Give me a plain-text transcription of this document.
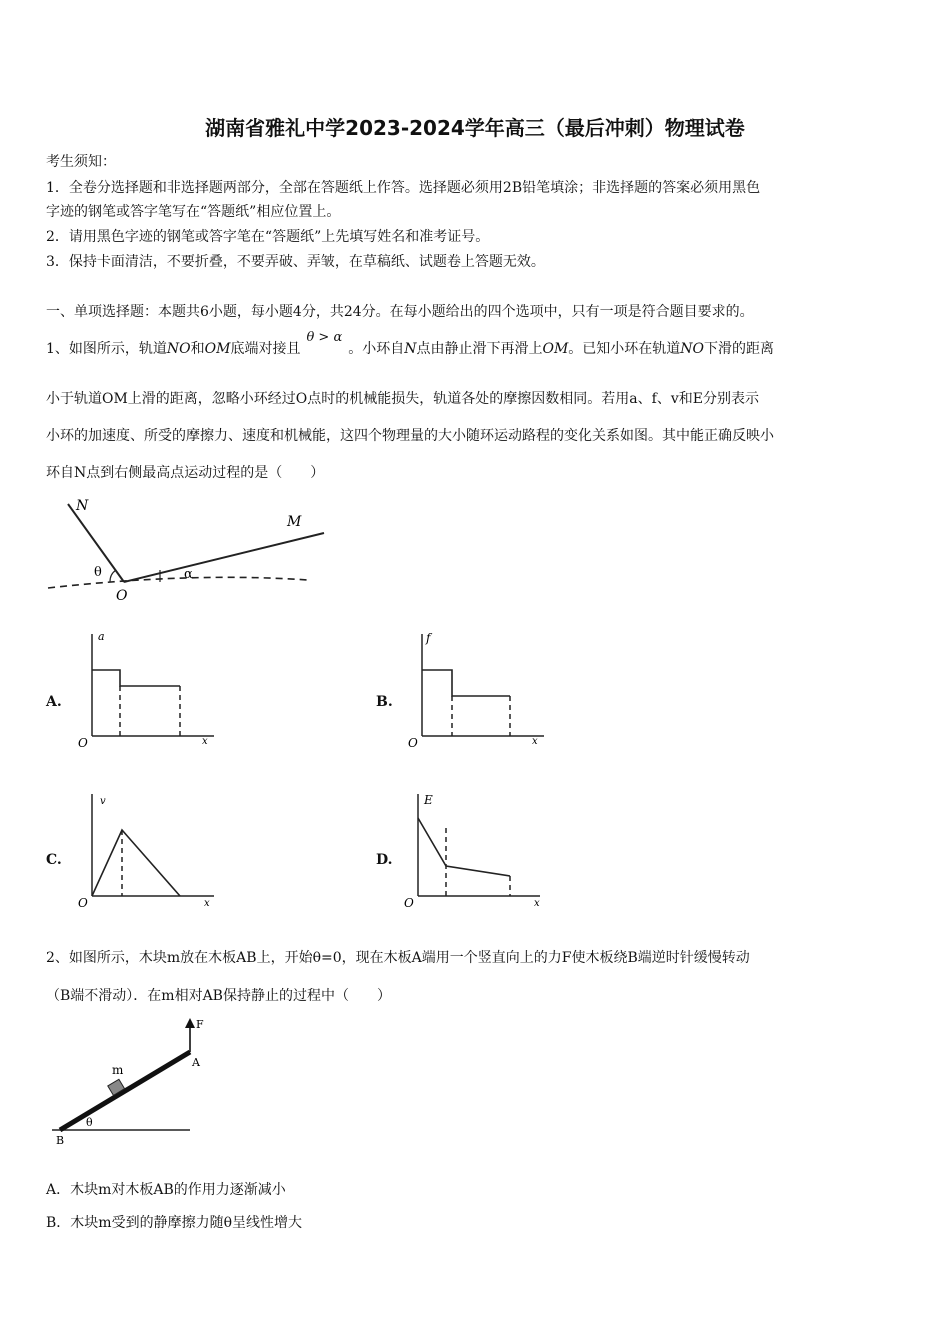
湖南省雅礼中学2023-2024学年高三（最后冲刺）物理试卷
考生须知：
1．全卷分选择题和非选择题两部分，全部在答题纸上作答。选择题必须用2B铅笔填涂；非选择题的答案必须用黑色
字迹的钢笔或答字笔写在“答题纸”相应位置上。
2．请用黑色字迹的钢笔或答字笔在“答题纸”上先填写姓名和准考证号。
3．保持卡面清洁，不要折叠，不要弄破、弄皱，在草稿纸、试题卷上答题无效。
一、单项选择题：本题共6小题，每小题4分，共24分。在每小题给出的四个选项中，只有一项是符合题目要求的。
1、如图所示，轨道NO和OM底端对接且θ > α。小环自N点由静止滑下再滑上OM。已知小环在轨道NO下滑的距离
小于轨道OM上滑的距离，忽略小环经过O点时的机械能损失，轨道各处的摩擦因数相同。若用a、f、v和E分别表示
小环的加速度、所受的摩擦力、速度和机械能，这四个物理量的大小随环运动路程的变化关系如图。其中能正确反映小
环自N点到右侧最高点运动过程的是（　　）
N
M
O
θ	α
A.
a
O	x
B.
f
O	x
C.
v
O	x
D.
E
O	x
2、如图所示，木块m放在木板AB上，开始θ=0，现在木板A端用一个竖直向上的力F使木板绕B端逆时针缓慢转动
（B端不滑动）．在m相对AB保持静止的过程中（　　）
F
m
A
B
θ
A．木块m对木板AB的作用力逐渐减小
B．木块m受到的静摩擦力随θ呈线性增大
